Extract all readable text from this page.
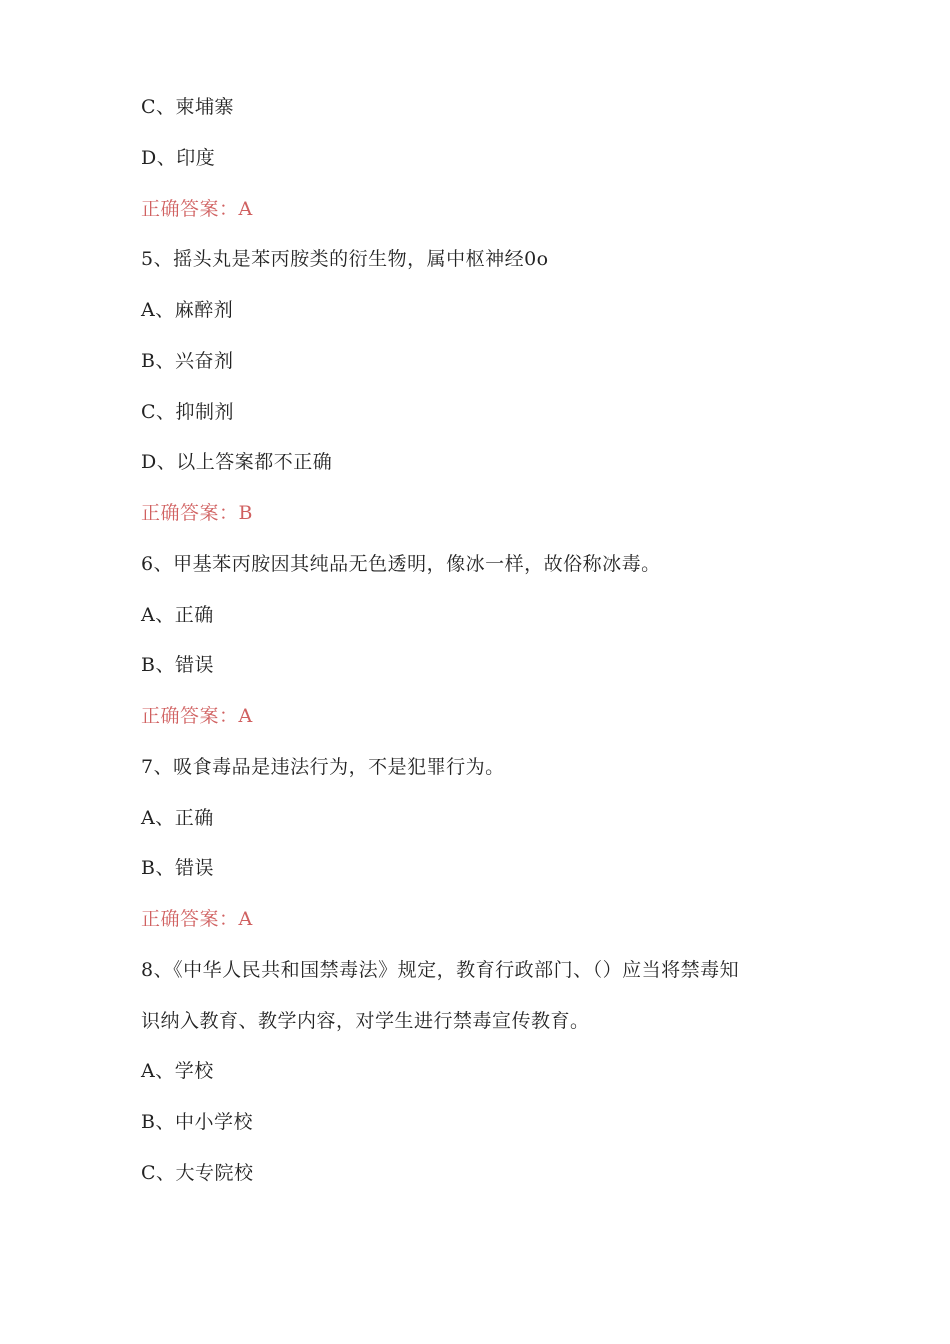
C、柬埔寨
D、印度
正确答案：A
5、摇头丸是苯丙胺类的衍生物，属中枢神经0o
A、麻醉剂
B、兴奋剂
C、抑制剂
D、以上答案都不正确
正确答案：B
6、甲基苯丙胺因其纯品无色透明，像冰一样，故俗称冰毒。
A、正确
B、错误
正确答案：A
7、吸食毒品是违法行为，不是犯罪行为。
A、正确
B、错误
正确答案：A
8、《中华人民共和国禁毒法》规定，教育行政部门、（）应当将禁毒知
识纳入教育、教学内容，对学生进行禁毒宣传教育。
A、学校
B、中小学校
C、大专院校
